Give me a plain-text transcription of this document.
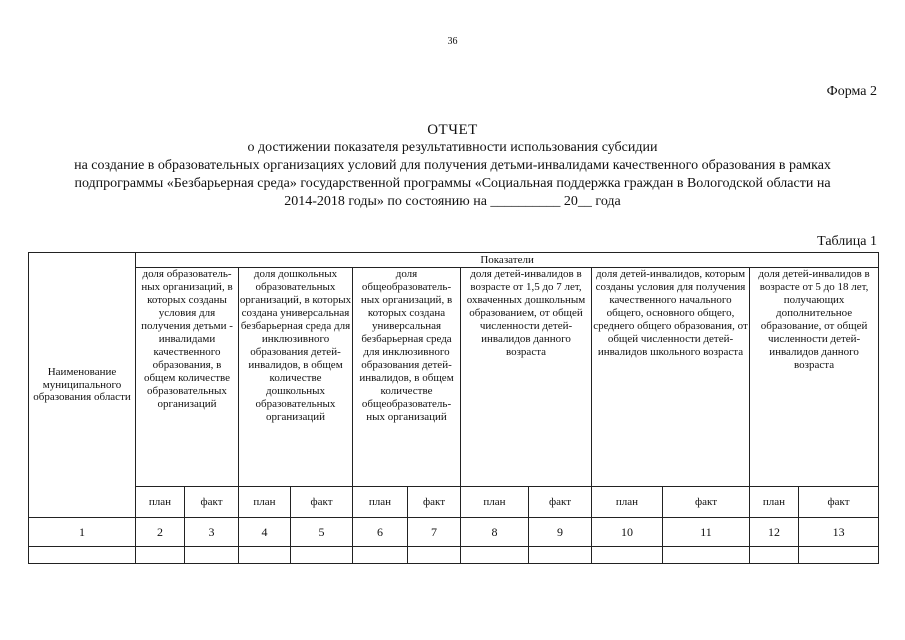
36
Форма 2
ОТЧЕТ
о достижении показателя результативности использования субсидии
на создание в образовательных организациях условий для получения детьми-инвалидами качественного образования в рамках
подпрограммы «Безбарьерная среда» государственной программы «Социальная поддержка граждан в Вологодской области на
2014-2018 годы» по состоянию на __________ 20__ года
Таблица 1
Наименование муниципального образования области	Показатели											
	доля образователь-ных организаций, в которых созданы условия для получения детьми - инвалидами качественного образования, в общем количестве образовательных организаций		доля дошкольных образовательных организаций, в которых создана универсальная безбарьерная среда для инклюзивного образования детей-инвалидов, в общем количестве дошкольных образовательных организаций		доля общеобразователь-ных организаций, в которых создана универсальная безбарьерная среда для инклюзивного образования детей-инвалидов, в общем количестве общеобразователь-ных организаций		доля детей-инвалидов в возрасте от 1,5 до 7 лет, охваченных дошкольным образованием, от общей численности детей-инвалидов данного возраста		доля детей-инвалидов, которым созданы условия для получения качественного начального общего, основного общего, среднего общего образования, от общей численности детей-инвалидов школьного возраста		доля детей-инвалидов в возрасте от 5 до 18 лет, получающих дополнительное образование, от общей численности детей-инвалидов данного возраста	
	план	факт	план	факт	план	факт	план	факт	план	факт	план	факт
1	2	3	4	5	6	7	8	9	10	11	12	13
